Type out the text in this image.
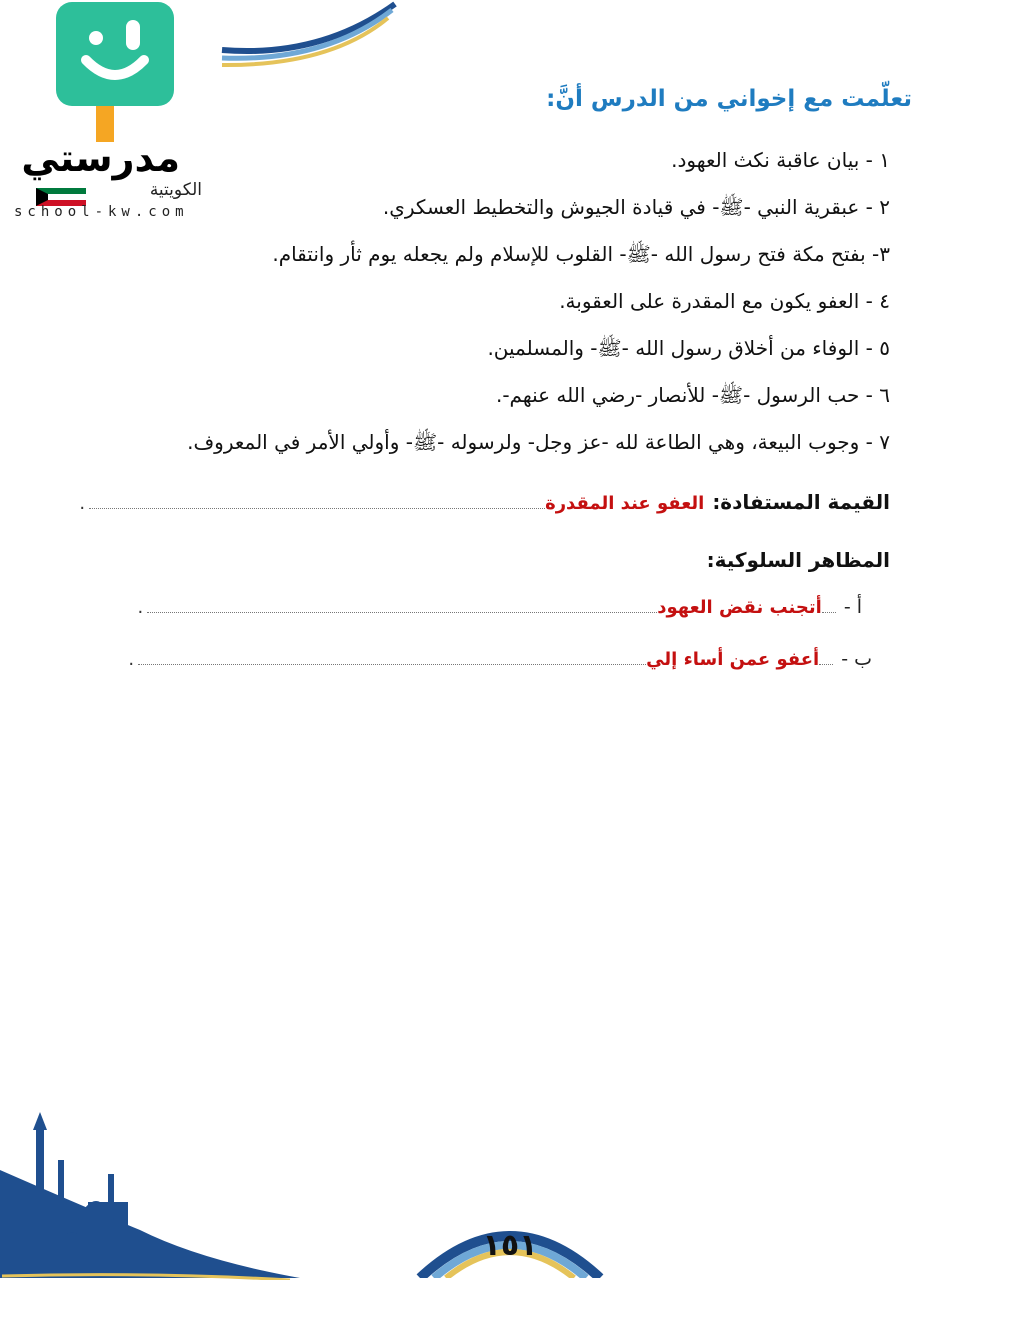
مدرستي
الكويتية
school-kw.com
تعلّمت مع إخواني من الدرس أنَّ:
١ - بيان عاقبة نكث العهود.
٢ - عبقرية النبي -ﷺ- في قيادة الجيوش والتخطيط العسكري.
٣- بفتح مكة فتح رسول الله -ﷺ- القلوب للإسلام ولم يجعله يوم ثأر وانتقام.
٤ - العفو يكون مع المقدرة على العقوبة.
٥ - الوفاء من أخلاق رسول الله -ﷺ- والمسلمين.
٦ - حب الرسول -ﷺ- للأنصار -رضي الله عنهم-.
٧ - وجوب البيعة، وهي الطاعة لله -عز وجل- ولرسوله -ﷺ- وأولي الأمر في المعروف.
القيمة المستفادة:
العفو عند المقدرة
.
المظاهر السلوكية:
أ -
أتجنب نقض العهود
.
ب -
أعفو عمن أساء إلي
.
١٥١
